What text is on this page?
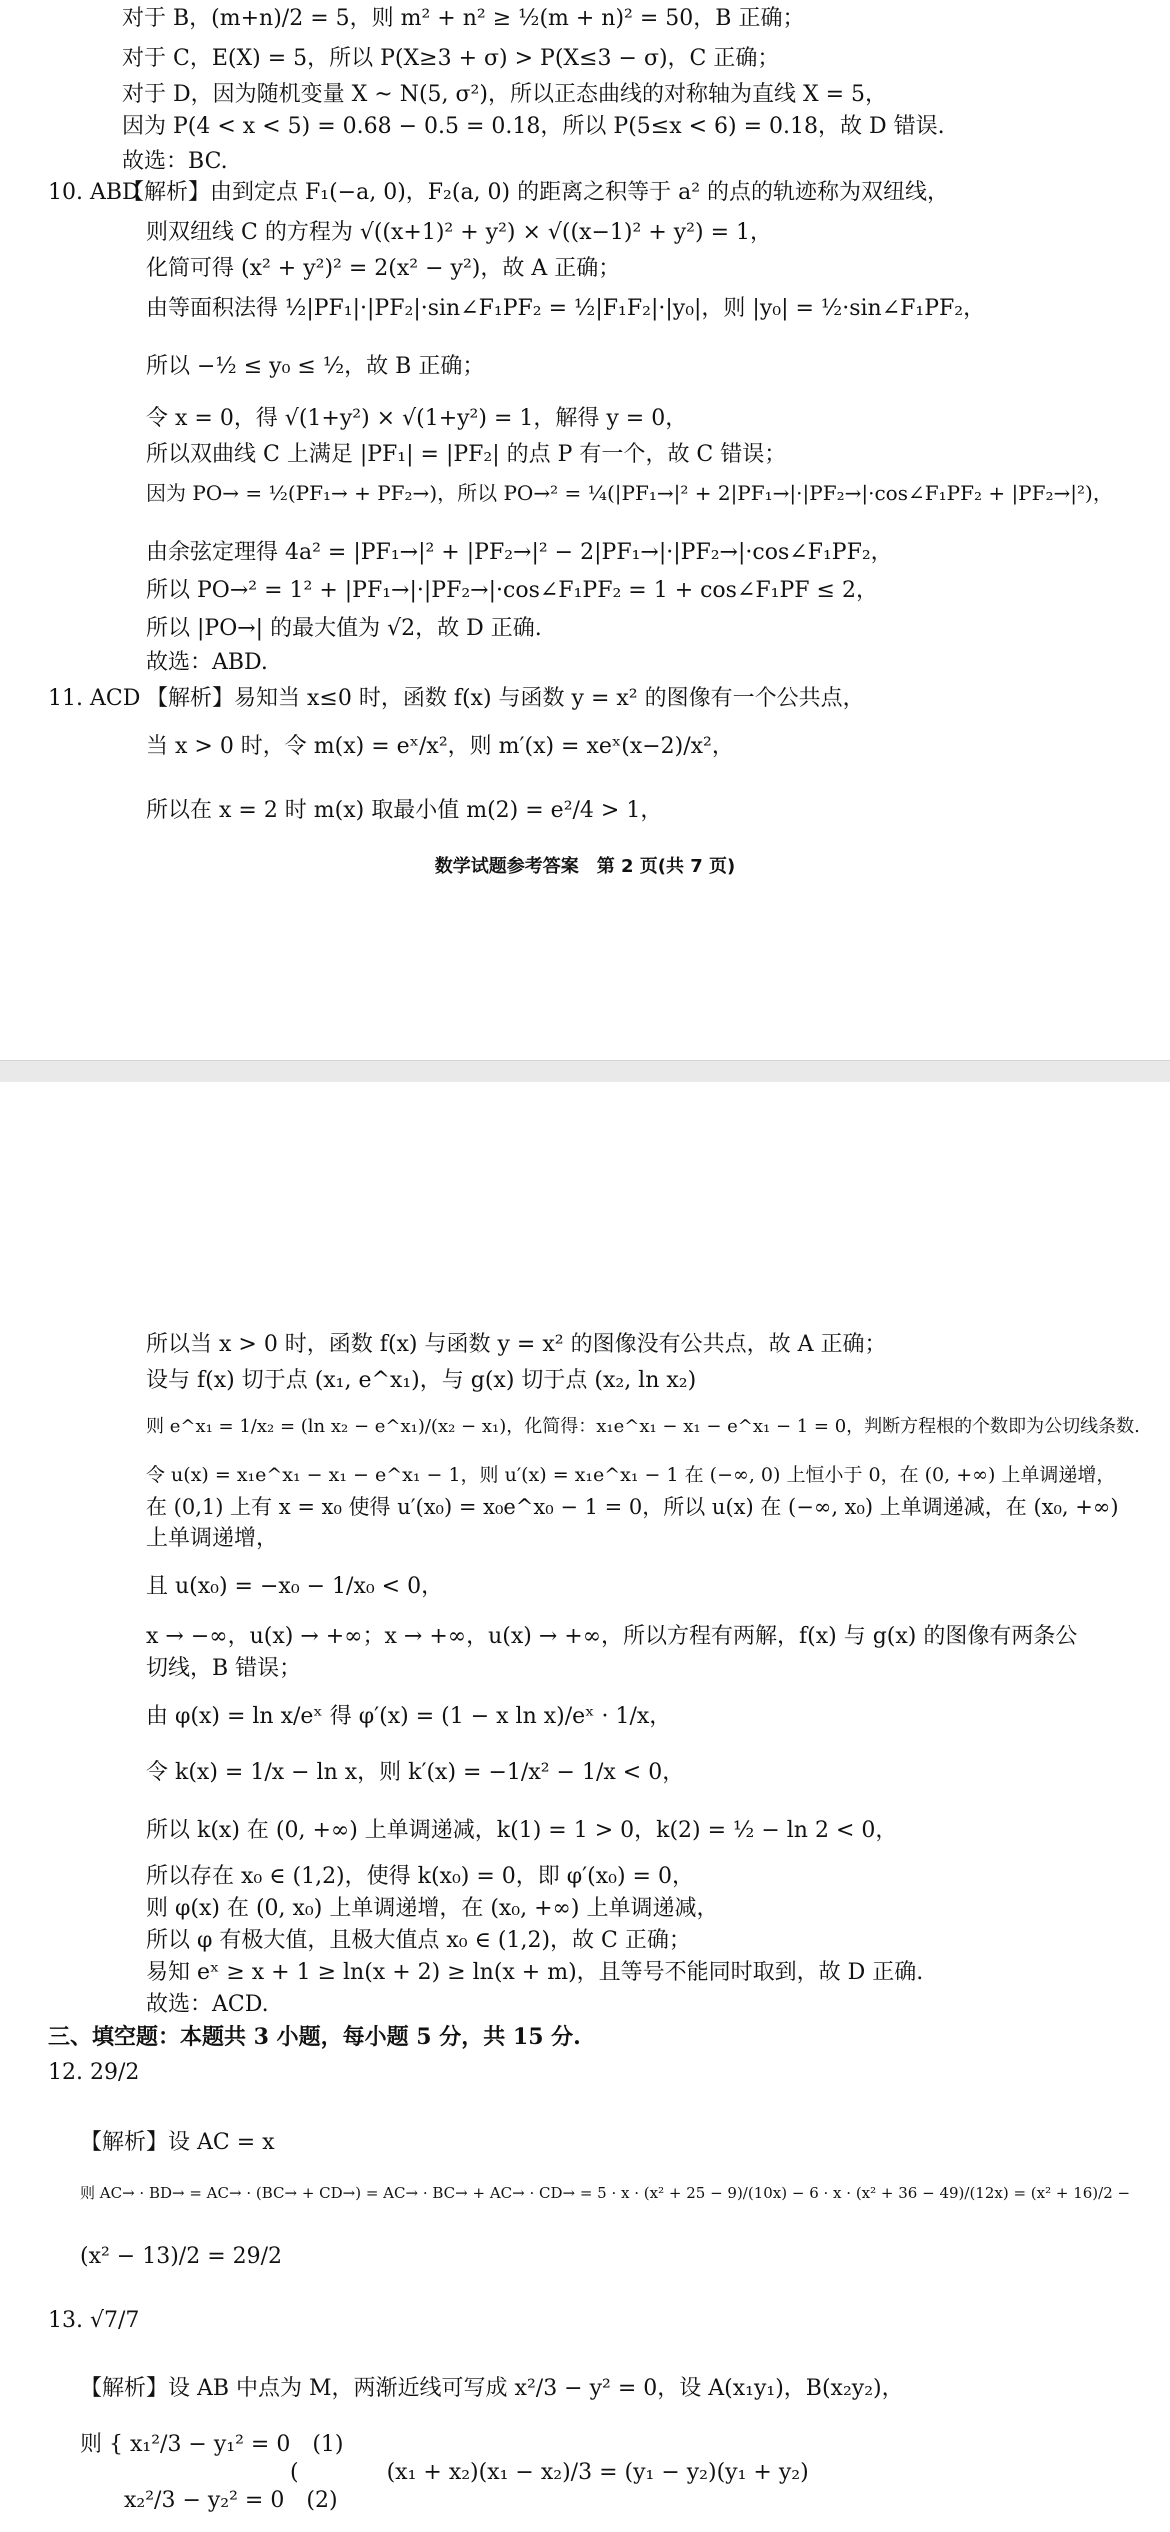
对于 B，(m+n)/2 = 5，则 m² + n² ≥ ½(m + n)² = 50，B 正确；
对于 C，E(X) = 5，所以 P(X≥3 + σ) > P(X≤3 − σ)，C 正确；
对于 D，因为随机变量 X ~ N(5, σ²)，所以正态曲线的对称轴为直线 X = 5，
因为 P(4 < x < 5) = 0.68 − 0.5 = 0.18，所以 P(5≤x < 6) = 0.18，故 D 错误.
故选：BC.
10. ABD
【解析】由到定点 F₁(−a, 0)，F₂(a, 0) 的距离之积等于 a² 的点的轨迹称为双纽线，
则双纽线 C 的方程为 √((x+1)² + y²) × √((x−1)² + y²) = 1，
化简可得 (x² + y²)² = 2(x² − y²)，故 A 正确；
由等面积法得 ½|PF₁|·|PF₂|·sin∠F₁PF₂ = ½|F₁F₂|·|y₀|，则 |y₀| = ½·sin∠F₁PF₂，
所以 −½ ≤ y₀ ≤ ½，故 B 正确；
令 x = 0，得 √(1+y²) × √(1+y²) = 1，解得 y = 0，
所以双曲线 C 上满足 |PF₁| = |PF₂| 的点 P 有一个，故 C 错误；
因为 PO→ = ½(PF₁→ + PF₂→)，所以 PO→² = ¼(|PF₁→|² + 2|PF₁→|·|PF₂→|·cos∠F₁PF₂ + |PF₂→|²)，
由余弦定理得 4a² = |PF₁→|² + |PF₂→|² − 2|PF₁→|·|PF₂→|·cos∠F₁PF₂，
所以 PO→² = 1² + |PF₁→|·|PF₂→|·cos∠F₁PF₂ = 1 + cos∠F₁PF ≤ 2，
所以 |PO→| 的最大值为 √2，故 D 正确.
故选：ABD.
11. ACD 【解析】易知当 x≤0 时，函数 f(x) 与函数 y = x² 的图像有一个公共点，
当 x > 0 时，令 m(x) = eˣ/x²，则 m′(x) = xeˣ(x−2)/x²，
所以在 x = 2 时 m(x) 取最小值 m(2) = e²/4 > 1，
数学试题参考答案　第 2 页(共 7 页)
所以当 x > 0 时，函数 f(x) 与函数 y = x² 的图像没有公共点，故 A 正确；
设与 f(x) 切于点 (x₁, e^x₁)，与 g(x) 切于点 (x₂, ln x₂)
则 e^x₁ = 1/x₂ = (ln x₂ − e^x₁)/(x₂ − x₁)，化简得：x₁e^x₁ − x₁ − e^x₁ − 1 = 0，判断方程根的个数即为公切线条数.
令 u(x) = x₁e^x₁ − x₁ − e^x₁ − 1，则 u′(x) = x₁e^x₁ − 1 在 (−∞, 0) 上恒小于 0，在 (0, +∞) 上单调递增，
在 (0,1) 上有 x = x₀ 使得 u′(x₀) = x₀e^x₀ − 1 = 0，所以 u(x) 在 (−∞, x₀) 上单调递减，在 (x₀, +∞)
上单调递增，
且 u(x₀) = −x₀ − 1/x₀ < 0，
x → −∞，u(x) → +∞；x → +∞，u(x) → +∞，所以方程有两解，f(x) 与 g(x) 的图像有两条公
切线，B 错误；
由 φ(x) = ln x/eˣ 得 φ′(x) = (1 − x ln x)/eˣ · 1/x，
令 k(x) = 1/x − ln x，则 k′(x) = −1/x² − 1/x < 0，
所以 k(x) 在 (0, +∞) 上单调递减，k(1) = 1 > 0，k(2) = ½ − ln 2 < 0，
所以存在 x₀ ∈ (1,2)，使得 k(x₀) = 0，即 φ′(x₀) = 0，
则 φ(x) 在 (0, x₀) 上单调递增，在 (x₀, +∞) 上单调递减，
所以 φ 有极大值，且极大值点 x₀ ∈ (1,2)，故 C 正确；
易知 eˣ ≥ x + 1 ≥ ln(x + 2) ≥ ln(x + m)，且等号不能同时取到，故 D 正确.
故选：ACD.
三、填空题：本题共 3 小题，每小题 5 分，共 15 分.
12. 29/2
【解析】设 AC = x
则 AC→ · BD→ = AC→ · (BC→ + CD→) = AC→ · BC→ + AC→ · CD→ = 5 · x · (x² + 25 − 9)/(10x) − 6 · x · (x² + 36 − 49)/(12x) = (x² + 16)/2 −
(x² − 13)/2 = 29/2
13. √7/7
【解析】设 AB 中点为 M，两渐近线可写成 x²/3 − y² = 0，设 A(x₁y₁)，B(x₂y₂)，
则 { x₁²/3 − y₁² = 0　(1)
　　x₂²/3 − y₂² = 0　(2)
(　　　　(x₁ + x₂)(x₁ − x₂)/3 = (y₁ − y₂)(y₁ + y₂)
